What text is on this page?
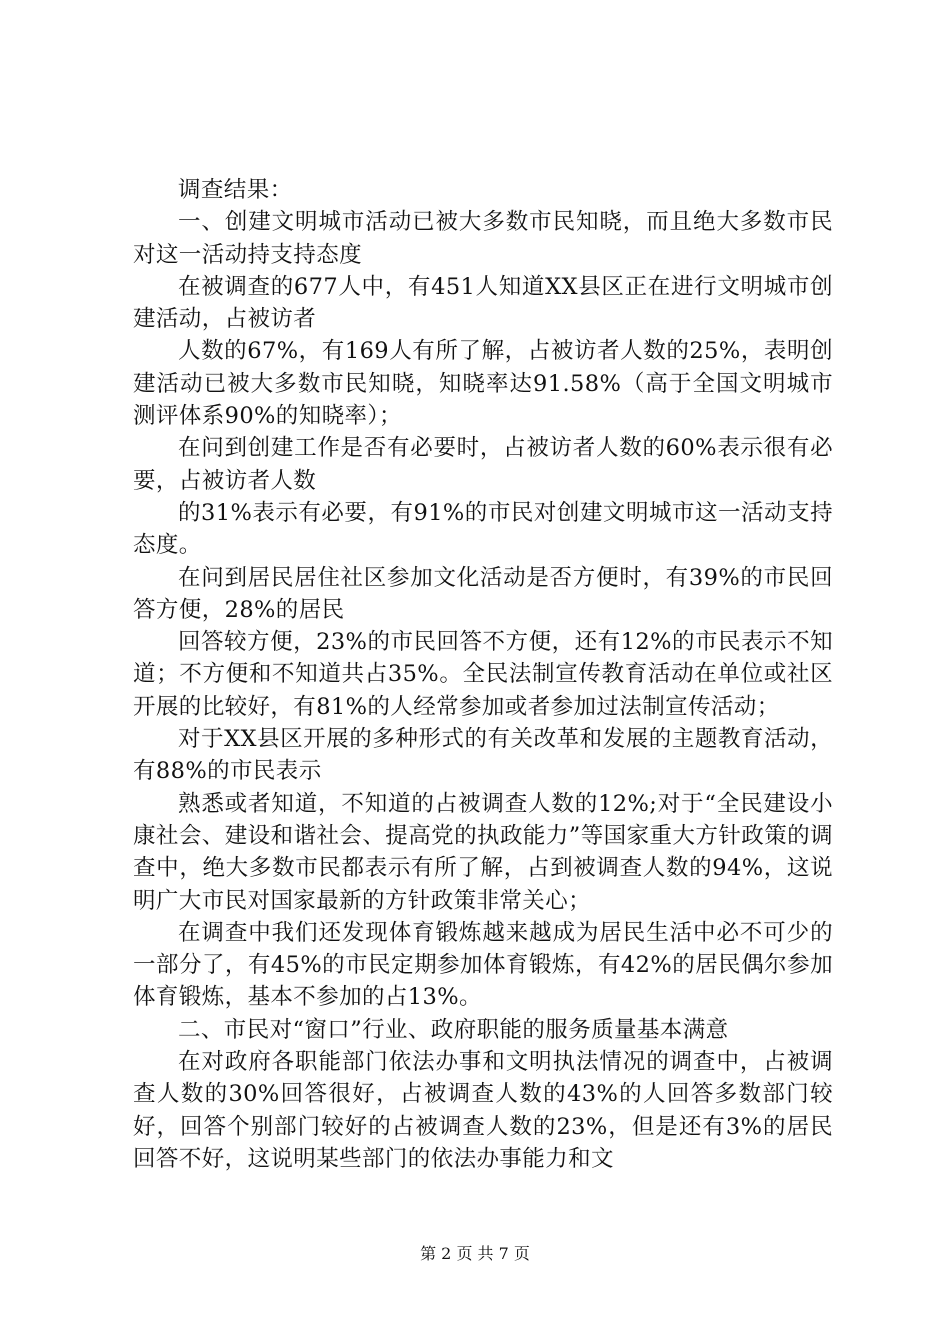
调查结果：

一、创建文明城市活动已被大多数市民知晓，而且绝大多数市民对这一活动持支持态度

在被调查的677人中，有451人知道XX县区正在进行文明城市创建活动，占被访者

人数的67%，有169人有所了解，占被访者人数的25%，表明创建活动已被大多数市民知晓，知晓率达91.58%（高于全国文明城市测评体系90%的知晓率）；

在问到创建工作是否有必要时，占被访者人数的60%表示很有必要，占被访者人数

的31%表示有必要，有91%的市民对创建文明城市这一活动支持态度。

在问到居民居住社区参加文化活动是否方便时，有39%的市民回答方便，28%的居民

回答较方便，23%的市民回答不方便，还有12%的市民表示不知道；不方便和不知道共占35%。全民法制宣传教育活动在单位或社区开展的比较好，有81%的人经常参加或者参加过法制宣传活动；

对于XX县区开展的多种形式的有关改革和发展的主题教育活动，有88%的市民表示

熟悉或者知道，不知道的占被调查人数的12%;对于“全民建设小康社会、建设和谐社会、提高党的执政能力”等国家重大方针政策的调查中，绝大多数市民都表示有所了解，占到被调查人数的94%，这说明广大市民对国家最新的方针政策非常关心；

在调查中我们还发现体育锻炼越来越成为居民生活中必不可少的一部分了，有45%的市民定期参加体育锻炼，有42%的居民偶尔参加体育锻炼，基本不参加的占13%。

二、市民对“窗口”行业、政府职能的服务质量基本满意

在对政府各职能部门依法办事和文明执法情况的调查中，占被调查人数的30%回答很好，占被调查人数的43%的人回答多数部门较好，回答个别部门较好的占被调查人数的23%，但是还有3%的居民回答不好，这说明某些部门的依法办事能力和文

第 2 页 共 7 页
